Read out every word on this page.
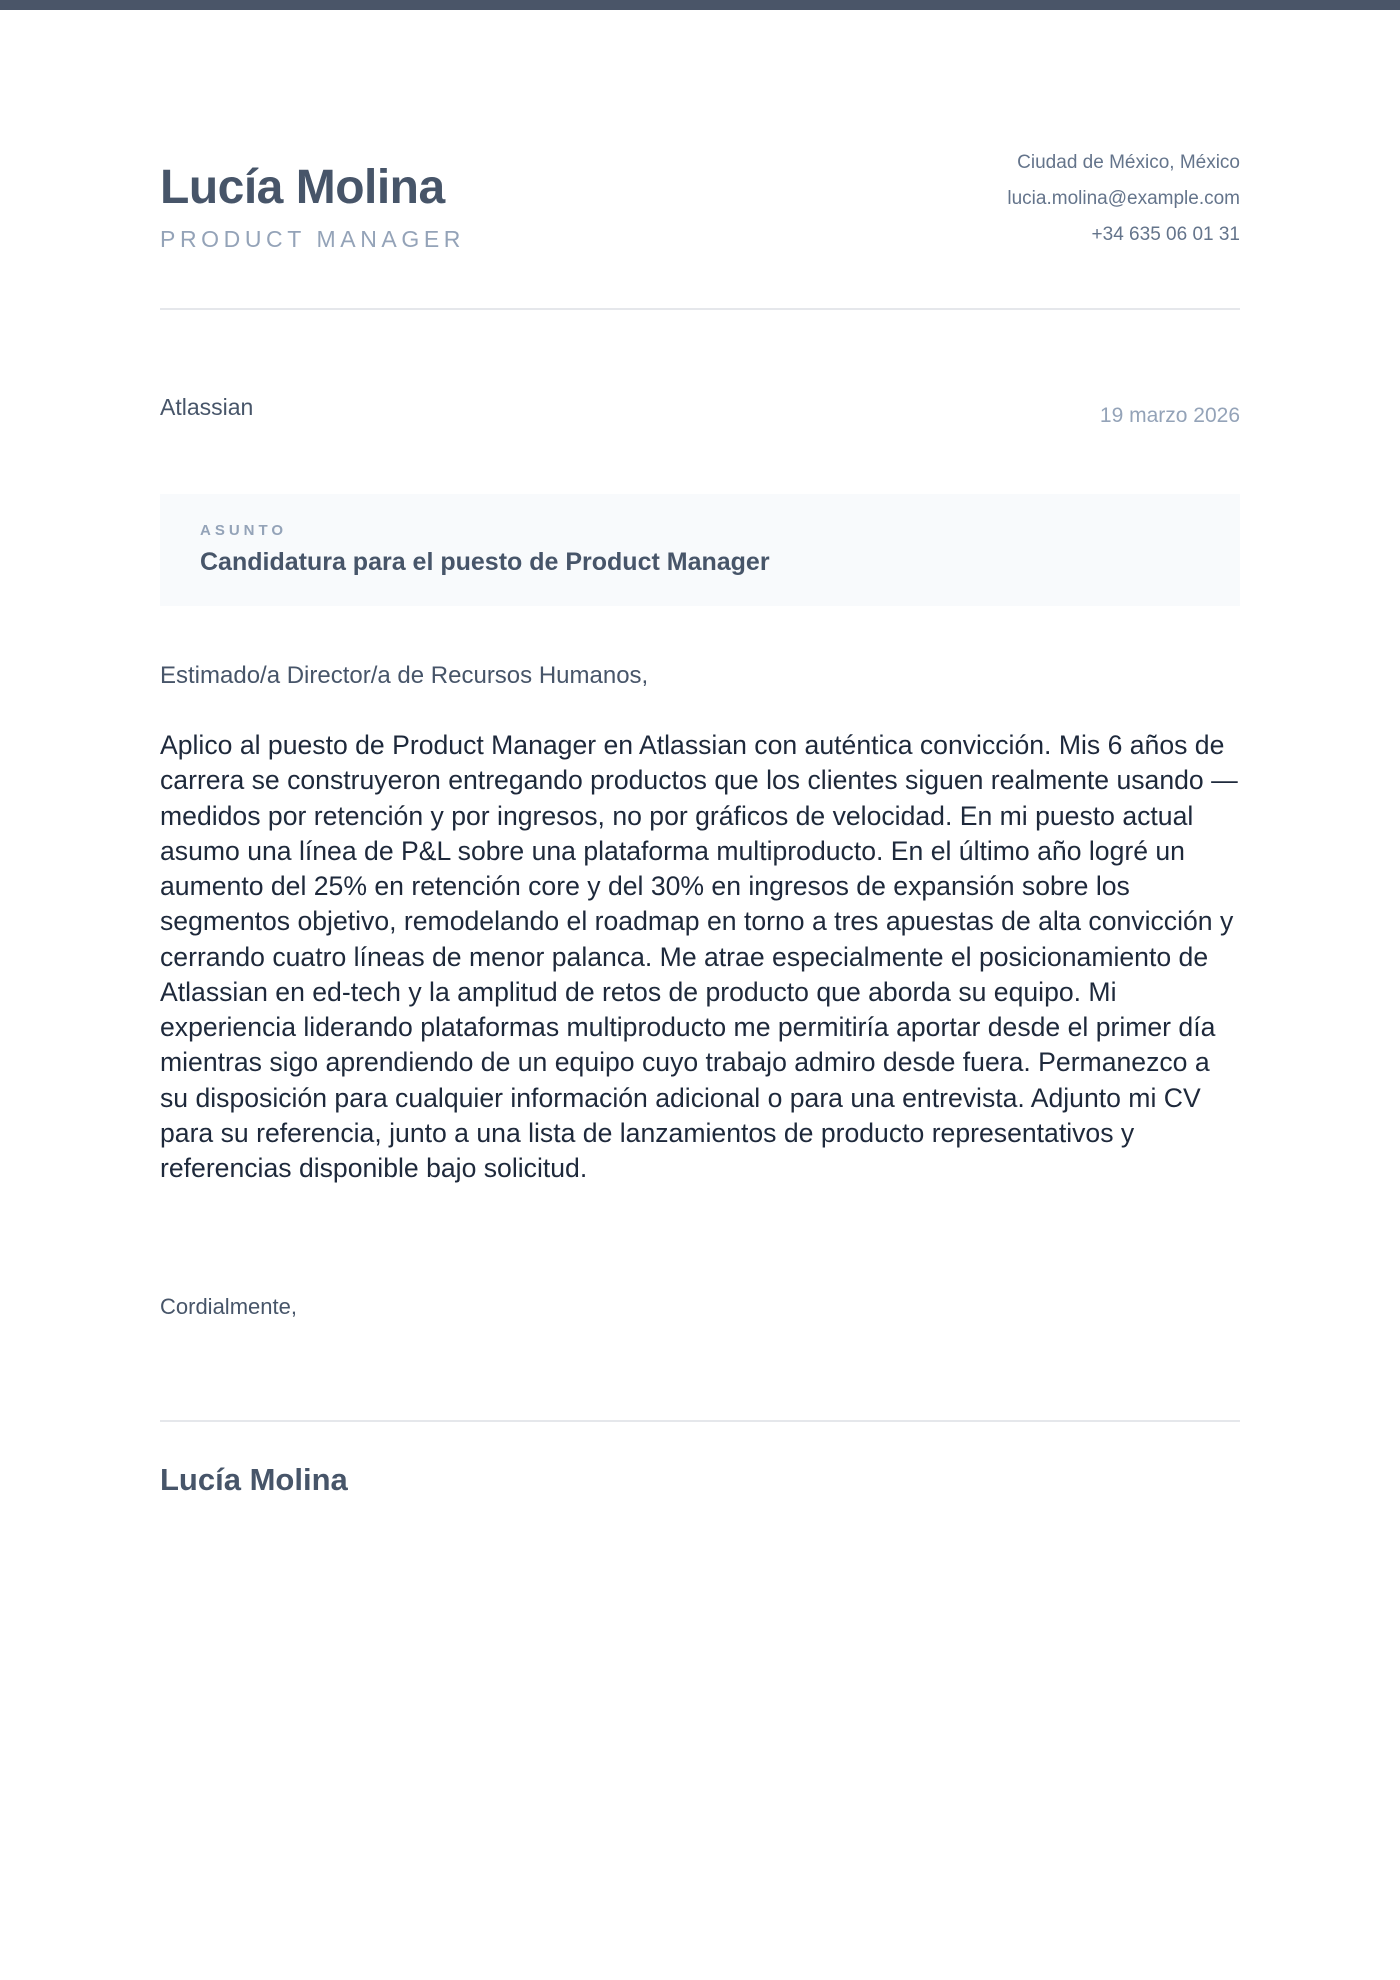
Lucía Molina
PRODUCT MANAGER
Ciudad de México, México
lucia.molina@example.com
+34 635 06 01 31
Atlassian	19 marzo 2026
ASUNTO
Candidatura para el puesto de Product Manager
Estimado/a Director/a de Recursos Humanos,
Aplico al puesto de Product Manager en Atlassian con auténtica convicción. Mis 6 años de carrera se construyeron entregando productos que los clientes siguen realmente usando — medidos por retención y por ingresos, no por gráficos de velocidad. En mi puesto actual asumo una línea de P&L sobre una plataforma multiproducto. En el último año logré un aumento del 25% en retención core y del 30% en ingresos de expansión sobre los segmentos objetivo, remodelando el roadmap en torno a tres apuestas de alta convicción y cerrando cuatro líneas de menor palanca. Me atrae especialmente el posicionamiento de Atlassian en ed-tech y la amplitud de retos de producto que aborda su equipo. Mi experiencia liderando plataformas multiproducto me permitiría aportar desde el primer día mientras sigo aprendiendo de un equipo cuyo trabajo admiro desde fuera. Permanezco a su disposición para cualquier información adicional o para una entrevista. Adjunto mi CV para su referencia, junto a una lista de lanzamientos de producto representativos y referencias disponible bajo solicitud.
Cordialmente,
Lucía Molina
